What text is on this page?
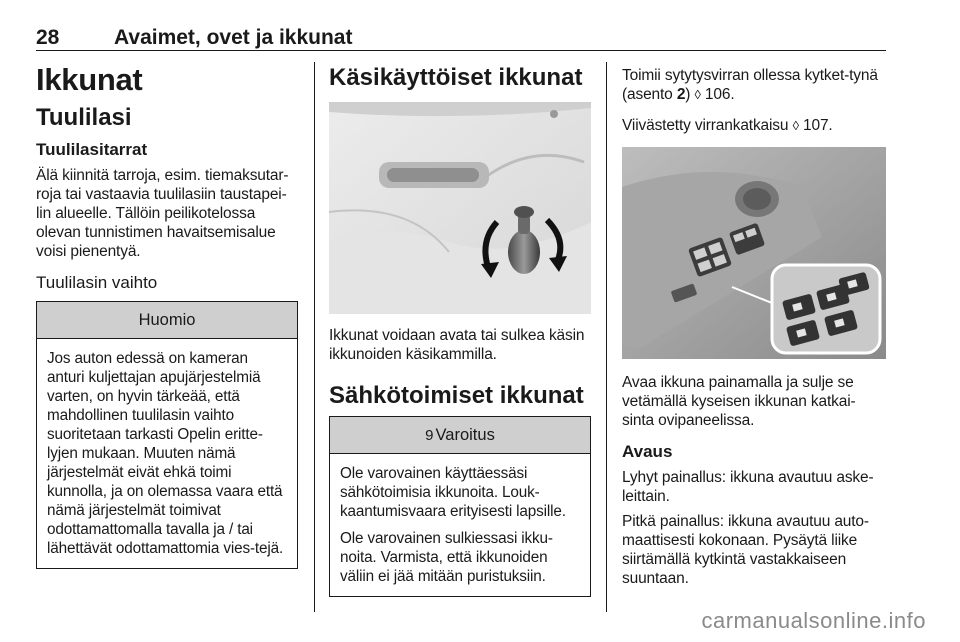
28	Avaimet, ovet ja ikkunat
Ikkunat
Tuulilasi
Tuulilasitarrat

Älä kiinnitä tarroja, esim. tiemaksutar-roja tai vastaavia tuulilasiin taustapei-lin alueelle. Tällöin peilikotelossa olevan tunnistimen havaitsemisalue voisi pienentyä.

Tuulilasin vaihto
Huomio

Jos auton edessä on kameran anturi kuljettajan apujärjestelmiä varten, on hyvin tärkeää, että mahdollinen tuulilasin vaihto suoritetaan tarkasti Opelin eritte-lyjen mukaan. Muuten nämä järjestelmät eivät ehkä toimi kunnolla, ja on olemassa vaara että nämä järjestelmät toimivat odottamattomalla tavalla ja / tai lähettävät odottamattomia vies-tejä.

Käsikäyttöiset ikkunat

Ikkunat voidaan avata tai sulkea käsin ikkunoiden käsikammilla.

Sähkötoimiset ikkunat
9 Varoitus

Ole varovainen käyttäessäsi sähkötoimisia ikkunoita. Louk-kaantumisvaara erityisesti lapsille.

Ole varovainen sulkiessasi ikku-noita. Varmista, että ikkunoiden väliin ei jää mitään puristuksiin.

Toimii sytytysvirran ollessa kytket-tynä (asento 2) ◊ 106.

Viivästetty virrankatkaisu ◊ 107.

Avaa ikkuna painamalla ja sulje se vetämällä kyseisen ikkunan katkai-sinta ovipaneelissa.

Avaus

Lyhyt painallus: ikkuna avautuu aske-leittain.

Pitkä painallus: ikkuna avautuu auto-maattisesti kokonaan. Pysäytä liike siirtämällä kytkintä vastakkaiseen suuntaan.

carmanualsonline.info
